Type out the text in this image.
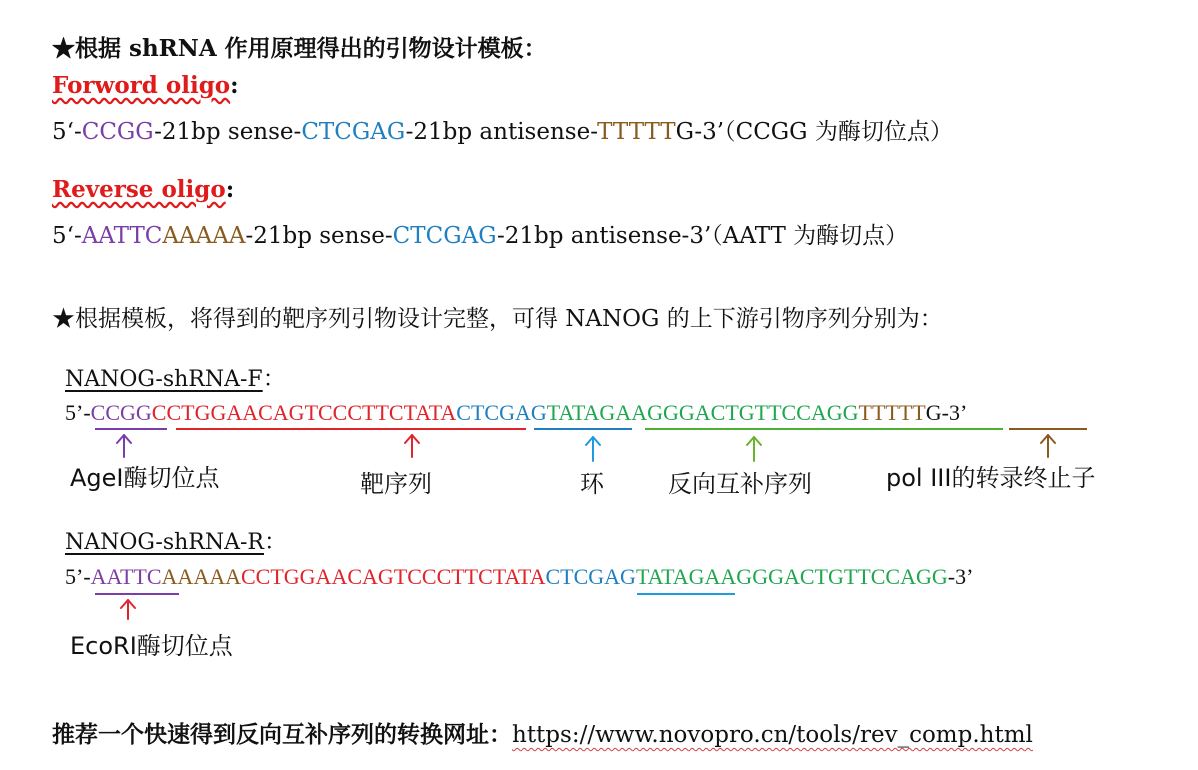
★根据 shRNA 作用原理得出的引物设计模板：
Forword oligo:
5‘-CCGG-21bp sense-CTCGAG-21bp antisense-TTTTTG-3’（CCGG 为酶切位点）
Reverse oligo:
5‘-AATTCAAAAA-21bp sense-CTCGAG-21bp antisense-3’（AATT 为酶切点）
★根据模板，将得到的靶序列引物设计完整，可得 NANOG 的上下游引物序列分别为：
NANOG-shRNA-F：
5’-CCGGCCTGGAACAGTCCCTTCTATACTCGAGTATAGAAGGGACTGTTCCAGGTTTTTG-3’
AgeI酶切位点	靶序列	环	反向互补序列	pol III的转录终止子
NANOG-shRNA-R：
5’-AATTCAAAAACCTGGAACAGTCCCTTCTATACTCGAGTATAGAAGGGACTGTTCCAGG-3’
EcoRI酶切位点
推荐一个快速得到反向互补序列的转换网址：https://www.novopro.cn/tools/rev_comp.html
